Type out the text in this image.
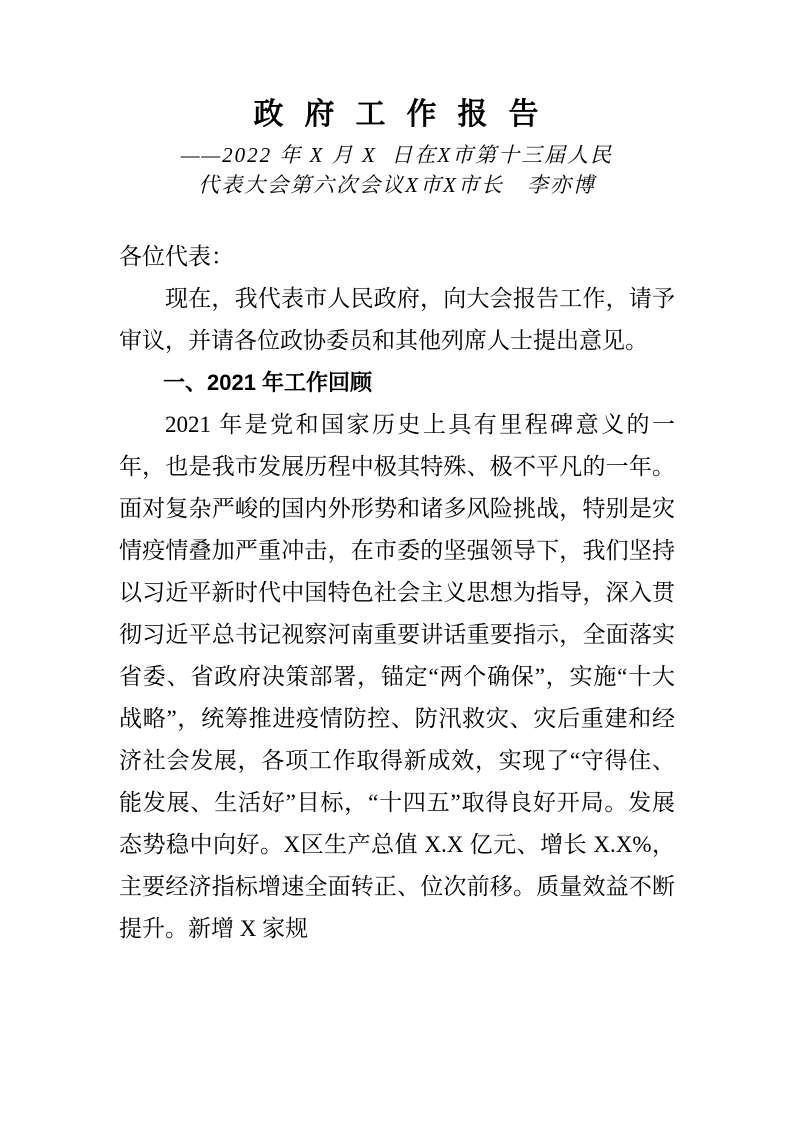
政  府  工  作  报  告
——2022 年 X 月 X  日在X市第十三届人民
代表大会第六次会议X市X市长　李亦博

各位代表：

现在，我代表市人民政府，向大会报告工作，请予审议，并请各位政协委员和其他列席人士提出意见。

一、2021 年工作回顾

2021 年是党和国家历史上具有里程碑意义的一年，也是我市发展历程中极其特殊、极不平凡的一年。面对复杂严峻的国内外形势和诸多风险挑战，特别是灾情疫情叠加严重冲击，在市委的坚强领导下，我们坚持以习近平新时代中国特色社会主义思想为指导，深入贯彻习近平总书记视察河南重要讲话重要指示，全面落实省委、省政府决策部署，锚定“两个确保”，实施“十大战略”，统筹推进疫情防控、防汛救灾、灾后重建和经济社会发展，各项工作取得新成效，实现了“守得住、能发展、生活好”目标，“十四五”取得良好开局。发展态势稳中向好。X区生产总值 X.X 亿元、增长 X.X%，主要经济指标增速全面转正、位次前移。质量效益不断提升。新增 X 家规
